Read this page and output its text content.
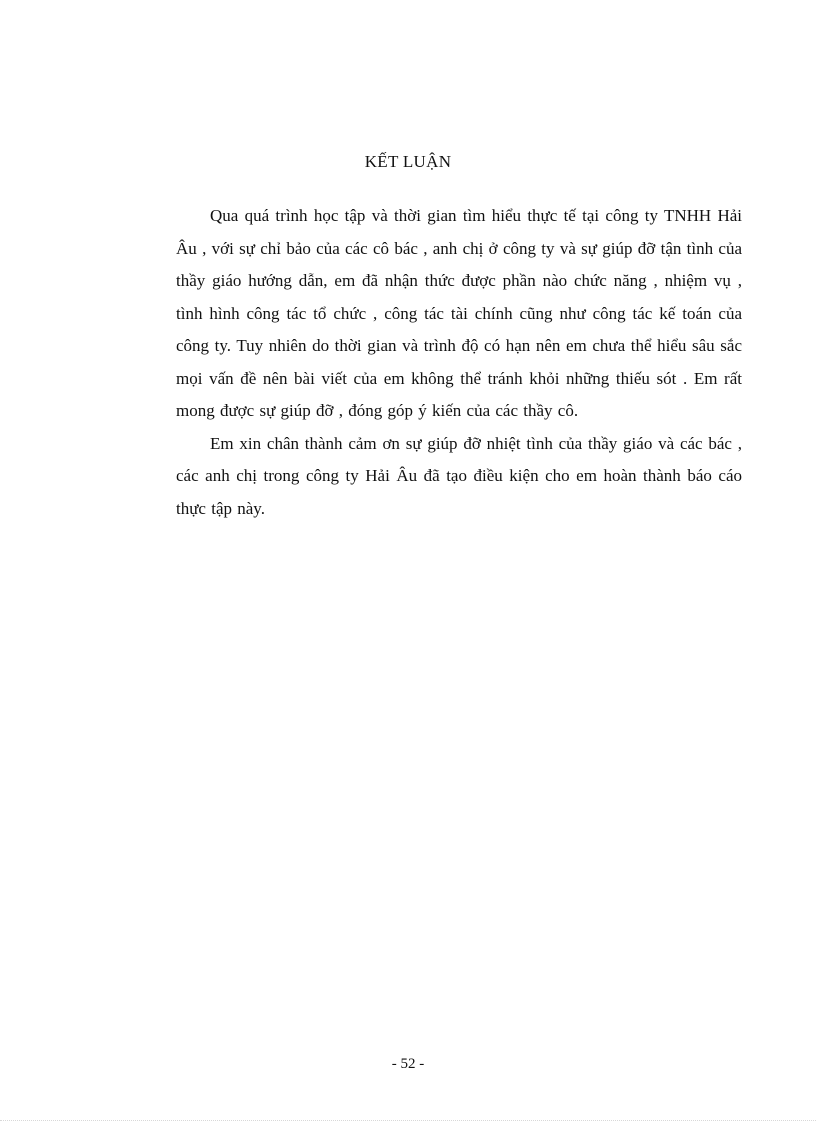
KẾT LUẬN

Qua quá trình học tập và thời gian tìm hiểu thực tế tại công ty TNHH Hải Âu , với sự chỉ bảo của các cô bác , anh chị ở công ty và sự giúp đỡ tận tình của thầy giáo hướng dẫn, em đã nhận thức được phần nào chức năng , nhiệm vụ , tình hình công tác tổ chức , công tác tài chính cũng như công tác kế toán của công ty. Tuy nhiên do thời gian và trình độ có hạn nên em chưa thể hiểu sâu sắc mọi vấn đề nên bài viết của em không thể tránh khỏi những thiếu sót . Em rất mong được sự giúp đỡ , đóng góp ý kiến của các thầy cô.

Em xin chân thành cảm ơn sự giúp đỡ nhiệt tình của thầy giáo và các bác , các anh chị trong công ty Hải Âu đã tạo điều kiện cho em hoàn thành báo cáo thực tập này.

- 52 -
